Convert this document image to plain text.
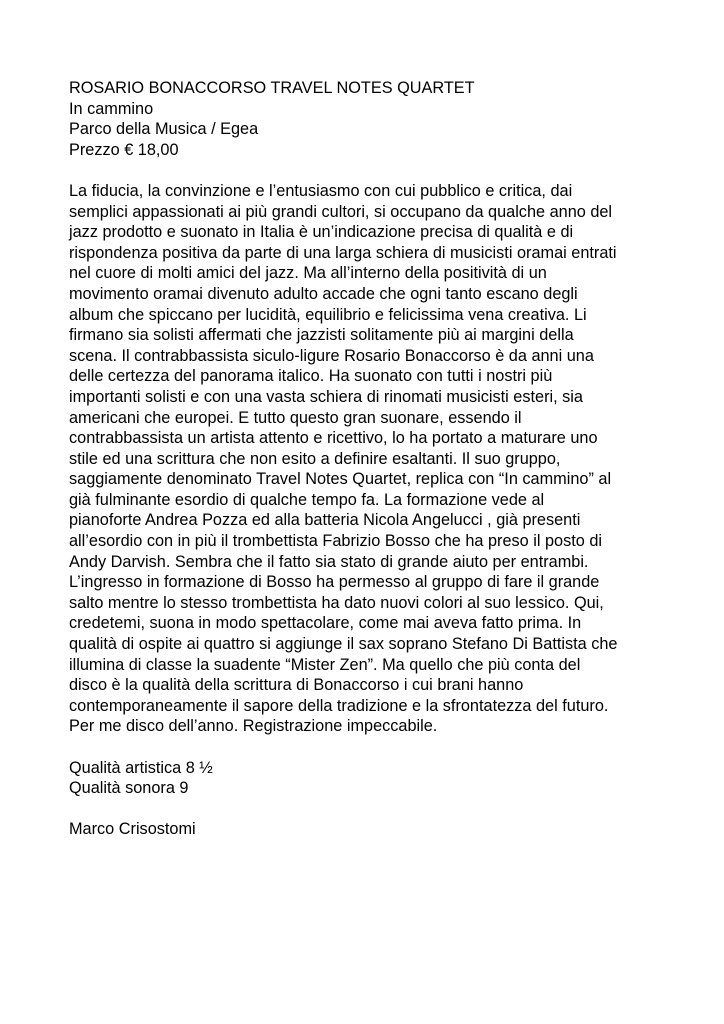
ROSARIO BONACCORSO TRAVEL NOTES QUARTET
In cammino
Parco della Musica / Egea
Prezzo € 18,00
La fiducia, la convinzione e l’entusiasmo con cui pubblico e critica, dai
semplici appassionati ai più grandi cultori, si occupano da qualche anno del
jazz prodotto e suonato in Italia è un’indicazione precisa di qualità e di
rispondenza positiva da parte di una larga schiera di musicisti oramai entrati
nel cuore di molti amici del jazz. Ma all’interno della positività di un
movimento oramai divenuto adulto accade che ogni tanto escano degli
album che spiccano per lucidità, equilibrio e felicissima vena creativa. Li
firmano sia solisti affermati che jazzisti solitamente più ai margini della
scena. Il contrabbassista siculo-ligure Rosario Bonaccorso è da anni una
delle certezza del panorama italico. Ha suonato con tutti i nostri più
importanti solisti e con una vasta schiera di rinomati musicisti esteri, sia
americani che europei. E tutto questo gran suonare, essendo il
contrabbassista un artista attento e ricettivo, lo ha portato a maturare uno
stile ed una scrittura che non esito a definire esaltanti. Il suo gruppo,
saggiamente denominato Travel Notes Quartet, replica con “In cammino” al
già fulminante esordio di qualche tempo fa. La formazione vede al
pianoforte Andrea Pozza ed alla batteria Nicola Angelucci , già presenti
all’esordio con in più il trombettista Fabrizio Bosso che ha preso il posto di
Andy Darvish. Sembra che il fatto sia stato di grande aiuto per entrambi.
L’ingresso in formazione di Bosso ha permesso al gruppo di fare il grande
salto mentre lo stesso trombettista ha dato nuovi colori al suo lessico. Qui,
credetemi, suona in modo spettacolare, come mai aveva fatto prima. In
qualità di ospite ai quattro si aggiunge il sax soprano Stefano Di Battista che
illumina di classe la suadente “Mister Zen”. Ma quello che più conta del
disco è la qualità della scrittura di Bonaccorso i cui brani hanno
contemporaneamente il sapore della tradizione e la sfrontatezza del futuro.
Per me disco dell’anno. Registrazione impeccabile.
Qualità artistica 8 ½
Qualità sonora 9
Marco Crisostomi
